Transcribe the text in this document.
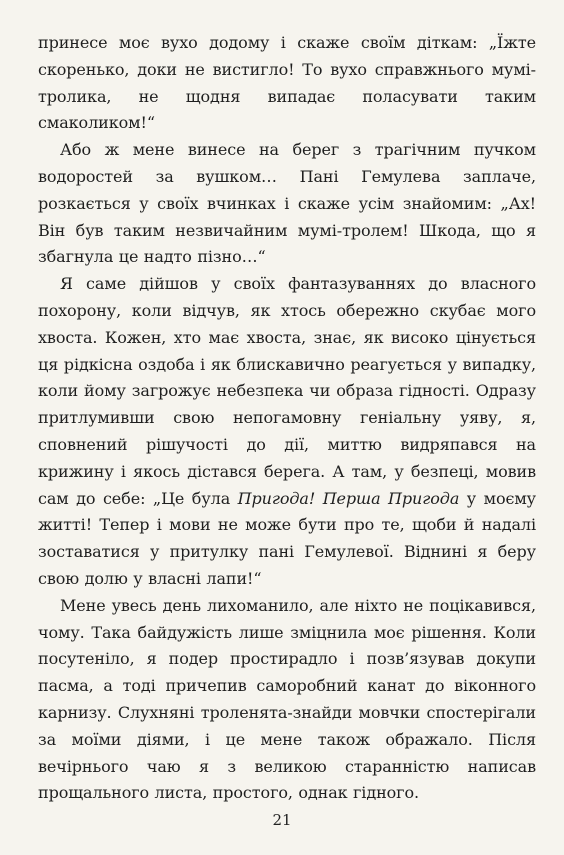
принесе моє вухо додому і скаже своїм діткам: „Їжте скоренько, доки не вистигло! То вухо справжнього мумі-тролика, не щодня випадає поласувати таким смаколиком!“

Або ж мене винесе на берег з трагічним пучком водоростей за вушком… Пані Гемулева заплаче, розкається у своїх вчинках і скаже усім знайомим: „Ах! Він був таким незвичайним мумі-тролем! Шкода, що я збагнула це надто пізно…“

Я саме дійшов у своїх фантазуваннях до власного похорону, коли відчув, як хтось обережно скубає мого хвоста. Кожен, хто має хвоста, знає, як високо цінується ця рідкісна оздоба і як блискавично реагується у випадку, коли йому загрожує небезпека чи образа гідності. Одразу притлумивши свою непогамовну геніальну уяву, я, сповнений рішучості до дії, миттю видряпався на крижину і якось дістався берега. А там, у безпеці, мовив сам до себе: „Це була Пригода! Перша Пригода у моєму житті! Тепер і мови не може бути про те, щоби й надалі зоставатися у притулку пані Гемулевої. Віднині я беру свою долю у власні лапи!“

Мене увесь день лихоманило, але ніхто не поцікавився, чому. Така байдужість лише зміцнила моє рішення. Коли посутеніло, я подер простирадло і позв’язував докупи пасма, а тоді причепив саморобний канат до віконного карнизу. Слухняні троленята-знайди мовчки спостерігали за моїми діями, і це мене також ображало. Після вечірнього чаю я з великою старанністю написав прощального листа, простого, однак гідного.

21
